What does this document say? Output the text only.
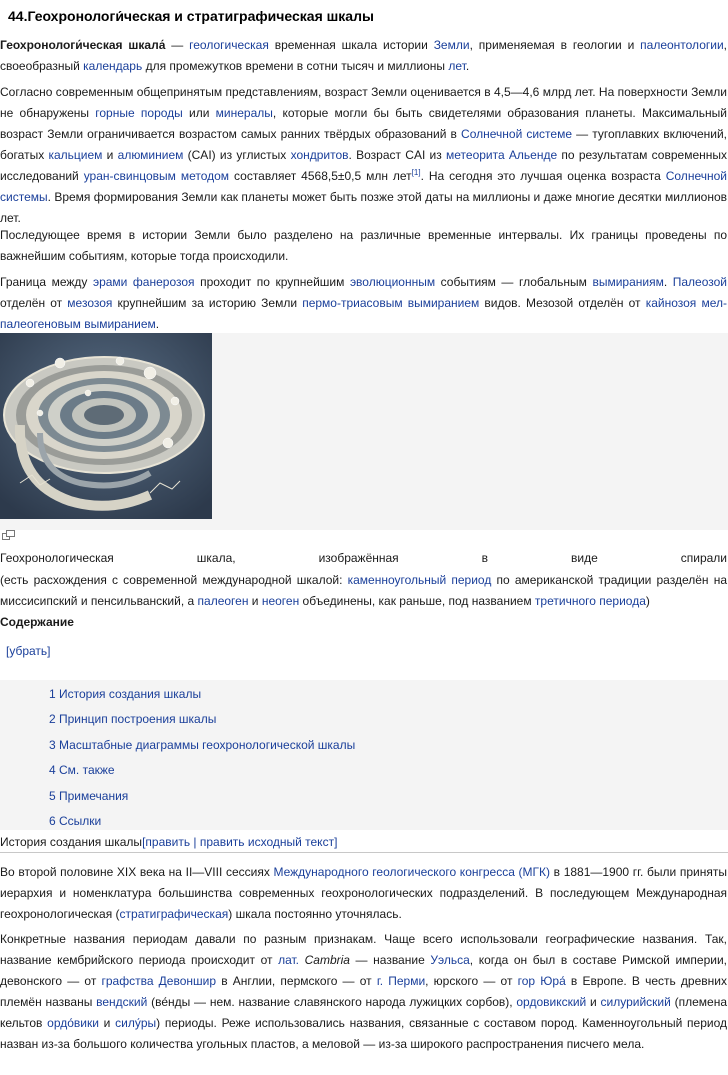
44.Геохронологи́ческая и стратиграфическая шкалы

Геохронологи́ческая шкала́ — геологическая временная шкала истории Земли, применяемая в геологии и палеонтологии, своеобразный календарь для промежутков времени в сотни тысяч и миллионы лет.

Согласно современным общепринятым представлениям, возраст Земли оценивается в 4,5—4,6 млрд лет. На поверхности Земли не обнаружены горные породы или минералы, которые могли бы быть свидетелями образования планеты. Максимальный возраст Земли ограничивается возрастом самых ранних твёрдых образований в Солнечной системе — тугоплавких включений, богатых кальцием и алюминием (CAI) из углистых хондритов. Возраст CAI из метеорита Альенде по результатам современных исследований уран-свинцовым методом составляет 4568,5±0,5 млн лет[1]. На сегодня это лучшая оценка возраста Солнечной системы. Время формирования Земли как планеты может быть позже этой даты на миллионы и даже многие десятки миллионов лет.

Последующее время в истории Земли было разделено на различные временные интервалы. Их границы проведены по важнейшим событиям, которые тогда происходили.

Граница между эрами фанерозоя проходит по крупнейшим эволюционным событиям — глобальным вымираниям. Палеозой отделён от мезозоя крупнейшим за историю Земли пермо-триасовым вымиранием видов. Мезозой отделён от кайнозоя мел-палеогеновым вымиранием.

Геохронологическая шкала, изображённая в виде спирали
(есть расхождения с современной международной шкалой: каменноугольный период по американской традиции разделён на миссисипский и пенсильванский, а палеоген и неоген объединены, как раньше, под названием третичного периода)
Содержание
[убрать]
1 История создания шкалы
2 Принцип построения шкалы
3 Масштабные диаграммы геохронологической шкалы
4 См. также
5 Примечания
6 Ссылки
История создания шкалы[править | править исходный текст]

Во второй половине XIX века на II—VIII сессиях Международного геологического конгресса (МГК) в 1881—1900 гг. были приняты иерархия и номенклатура большинства современных геохронологических подразделений. В последующем Международная геохронологическая (стратиграфическая) шкала постоянно уточнялась.

Конкретные названия периодам давали по разным признакам. Чаще всего использовали географические названия. Так, название кембрийского периода происходит от лат. Cambria — название Уэльса, когда он был в составе Римской империи, девонского — от графства Девоншир в Англии, пермского — от г. Перми, юрского — от гор Юра́ в Европе. В честь древних племён названы вендский (ве́нды — нем. название славянского народа лужицких сорбов), ордовикский и силурийский (племена кельтов ордо́вики и силу́ры) периоды. Реже использовались названия, связанные с составом пород. Каменноугольный период назван из-за большого количества угольных пластов, а меловой — из-за широкого распространения писчего мела.
